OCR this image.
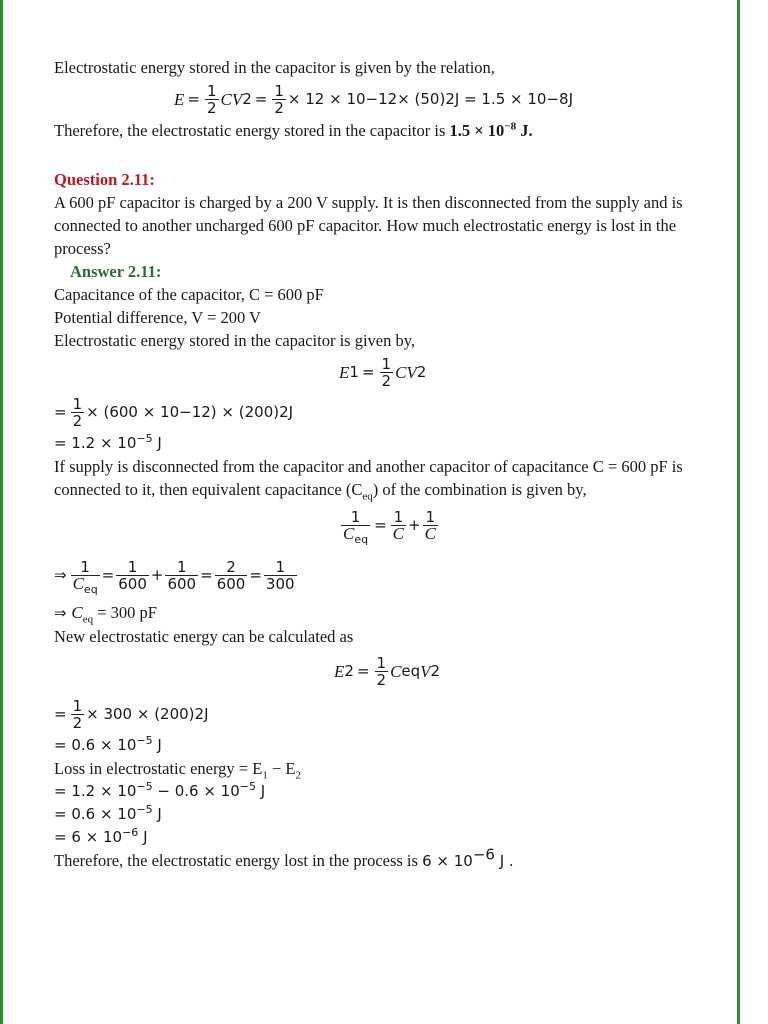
Electrostatic energy stored in the capacitor is given by the relation,
$E = \frac{1}{2}$ CV $2 = \frac{1}{2} \times 12 \times 10 -12 \times (50)$ 2 J = 1.5 × 10 −8 J
Therefore, the electrostatic energy stored in the capacitor is $1.5 \times 10^{-8}$ J.
Question 2.11:
A 600 pF capacitor is charged by a 200 V supply. It is then disconnected from the supply and is connected to another uncharged 600 pF capacitor. How much electrostatic energy is lost in the process?
Answer 2.11:
Capacitance of the capacitor, C = 600 pF
Potential difference, V = 200 V
Electrostatic energy stored in the capacitor is given by,
E $1 = \frac{1}{2}$ CV 2
= $\frac{1}{2} \times (600 \times 10 -12$ ) × (200) 2 J
= $1.2 \times 10^{-5}$ J
If supply is disconnected from the capacitor and another capacitor of capacitance C = 600 pF is connected to it, then equivalent capacitance $(C_{eq})$ of the combination is given by,
$\frac{1}{C_{eq}} = \frac{1}{C} + \frac{1}{C}$
⇒ $\frac{1}{C_{eq}} = \frac{1}{600} + \frac{1}{600} = \frac{2}{600} = \frac{1}{300}$
⇒ $C_{eq} = 300$ pF
New electrostatic energy can be calculated as
E $2 = \frac{1}{2}$ C eq V 2
= $\frac{1}{2} \times 300 \times (200)$ 2 J
= $0.6 \times 10^{-5}$ J
Loss in electrostatic energy = $E_1 - E_2$
= $1.2 \times 10^{-5} - 0.6 \times 10^{-5}$ J
= $0.6 \times 10^{-5}$ J
= $6 \times 10^{-6}$ J
Therefore, the electrostatic energy lost in the process is $6 \times 10^{-6}$ J .
